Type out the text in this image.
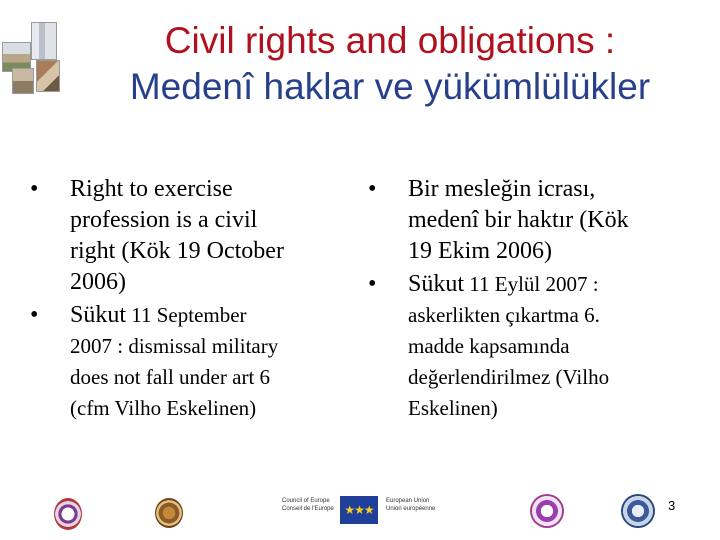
Civil rights and obligations :
Medenî haklar ve yükümlülükler
• Right to exercise
profession is a civil
right (Kök 19 October
2006)
• Sükut 11 September
2007 : dismissal military
does not fall under art 6
(cfm Vilho Eskelinen)
• Bir mesleğin icrası,
medenî bir haktır (Kök
19 Ekim 2006)
• Sükut 11 Eylül 2007 :
askerlikten çıkartma 6.
madde kapsamında
değerlendirilmez (Vilho
Eskelinen)
Council of Europe
Conseil de l'Europe ★★★
European Union
Union européenne	3
